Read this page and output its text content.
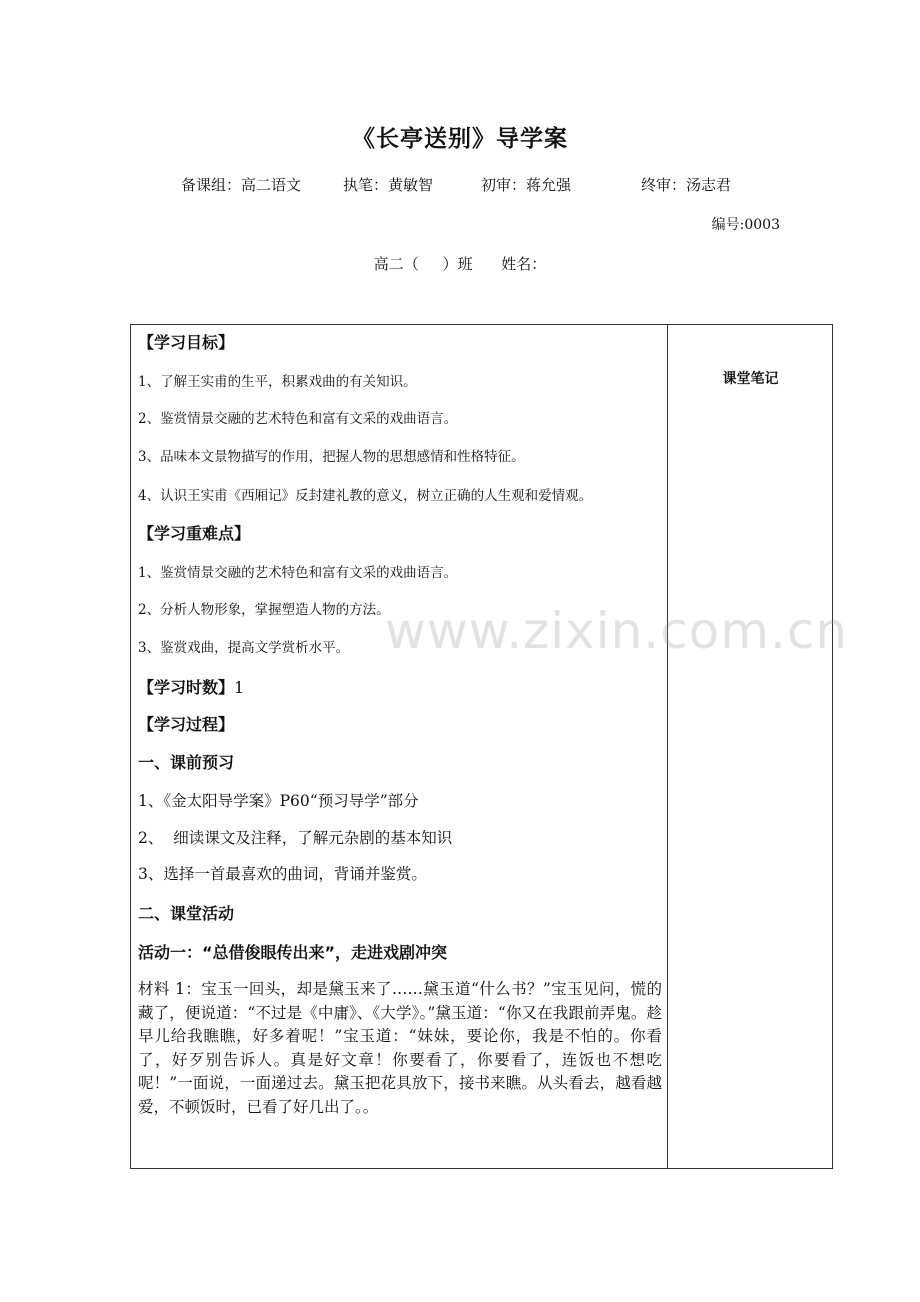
《长亭送别》导学案
备课组：高二语文	执笔：黄敏智	初审：蒋允强	终审：汤志君
编号:0003
高二（     ）班      姓名：
课堂笔记
【学习目标】
1、了解王实甫的生平，积累戏曲的有关知识。
2、鉴赏情景交融的艺术特色和富有文采的戏曲语言。
3、品味本文景物描写的作用，把握人物的思想感情和性格特征。
4、认识王实甫《西厢记》反封建礼教的意义，树立正确的人生观和爱情观。
【学习重难点】
1、鉴赏情景交融的艺术特色和富有文采的戏曲语言。
2、分析人物形象，掌握塑造人物的方法。
3、鉴赏戏曲，提高文学赏析水平。
【学习时数】1
【学习过程】
一、课前预习
1、《金太阳导学案》P60“预习导学”部分
2、  细读课文及注释，了解元杂剧的基本知识
3、选择一首最喜欢的曲词，背诵并鉴赏。
二、课堂活动
活动一：“总借俊眼传出来”，走进戏剧冲突
材料 1：宝玉一回头，却是黛玉来了……黛玉道“什么书？”宝玉见问，慌的藏了，便说道：“不过是《中庸》、《大学》。”黛玉道：“你又在我跟前弄鬼。趁早儿给我瞧瞧，好多着呢！”宝玉道：“妹妹，要论你，我是不怕的。你看了，好歹别告诉人。真是好文章！你要看了，你要看了，连饭也不想吃呢！”一面说，一面递过去。黛玉把花具放下，接书来瞧。从头看去，越看越爱，不顿饭时，已看了好几出了。。
www.zixin.com.cn
